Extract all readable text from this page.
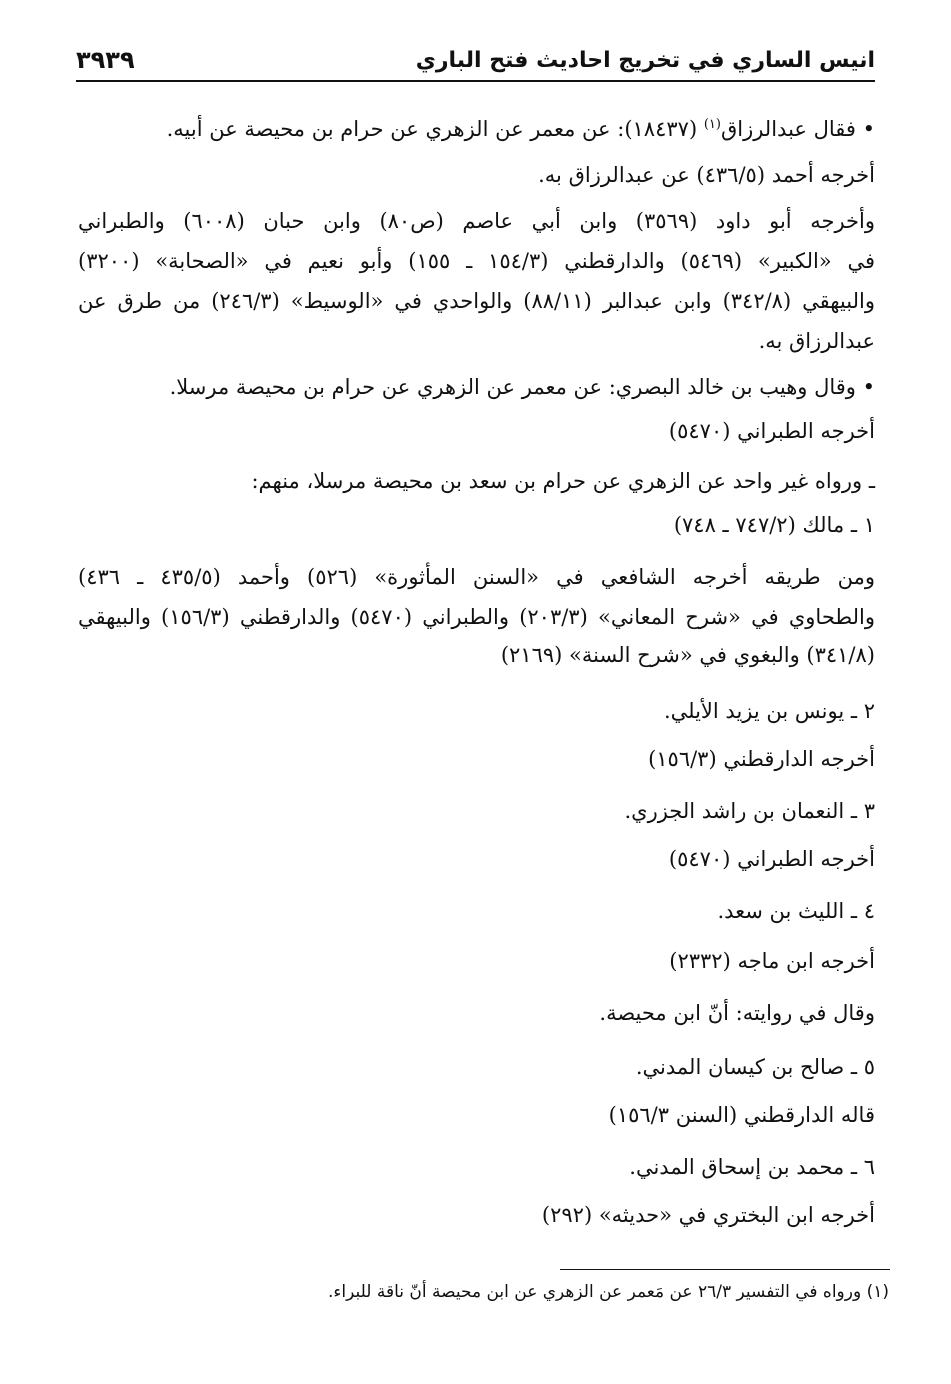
٣٩٣٩	انيس الساري في تخريج احاديث فتح الباري
• فقال عبدالرزاق$^{(١)}$ (١٨٤٣٧): عن معمر عن الزهري عن حرام بن محيصة عن أبيه.
أخرجه أحمد (٤٣٦/٥) عن عبدالرزاق به.
وأخرجه أبو داود (٣٥٦٩) وابن أبي عاصم (ص٨٠) وابن حبان (٦٠٠٨) والطبراني
في «الكبير» (٥٤٦٩) والدارقطني (١٥٤/٣ ـ ١٥٥) وأبو نعيم في «الصحابة» (٣٢٠٠)
والبيهقي (٣٤٢/٨) وابن عبدالبر (٨٨/١١) والواحدي في «الوسيط» (٢٤٦/٣) من طرق عن
عبدالرزاق به.
• وقال وهيب بن خالد البصري: عن معمر عن الزهري عن حرام بن محيصة مرسلا.
أخرجه الطبراني (٥٤٧٠)
ـ ورواه غير واحد عن الزهري عن حرام بن سعد بن محيصة مرسلا، منهم:
١ ـ مالك (٧٤٧/٢ ـ ٧٤٨)
ومن طريقه أخرجه الشافعي في «السنن المأثورة» (٥٢٦) وأحمد (٤٣٥/٥ ـ ٤٣٦)
والطحاوي في «شرح المعاني» (٢٠٣/٣) والطبراني (٥٤٧٠) والدارقطني (١٥٦/٣) والبيهقي
(٣٤١/٨) والبغوي في «شرح السنة» (٢١٦٩)
٢ ـ يونس بن يزيد الأيلي.
أخرجه الدارقطني (١٥٦/٣)
٣ ـ النعمان بن راشد الجزري.
أخرجه الطبراني (٥٤٧٠)
٤ ـ الليث بن سعد.
أخرجه ابن ماجه (٢٣٣٢)
وقال في روايته: أنّ ابن محيصة.
٥ ـ صالح بن كيسان المدني.
قاله الدارقطني (السنن ١٥٦/٣)
٦ ـ محمد بن إسحاق المدني.
أخرجه ابن البختري في «حديثه» (٢٩٢)
(١) ورواه في التفسير ٢٦/٣ عن مَعمر عن الزهري عن ابن محيصة أنّ ناقة للبراء.
